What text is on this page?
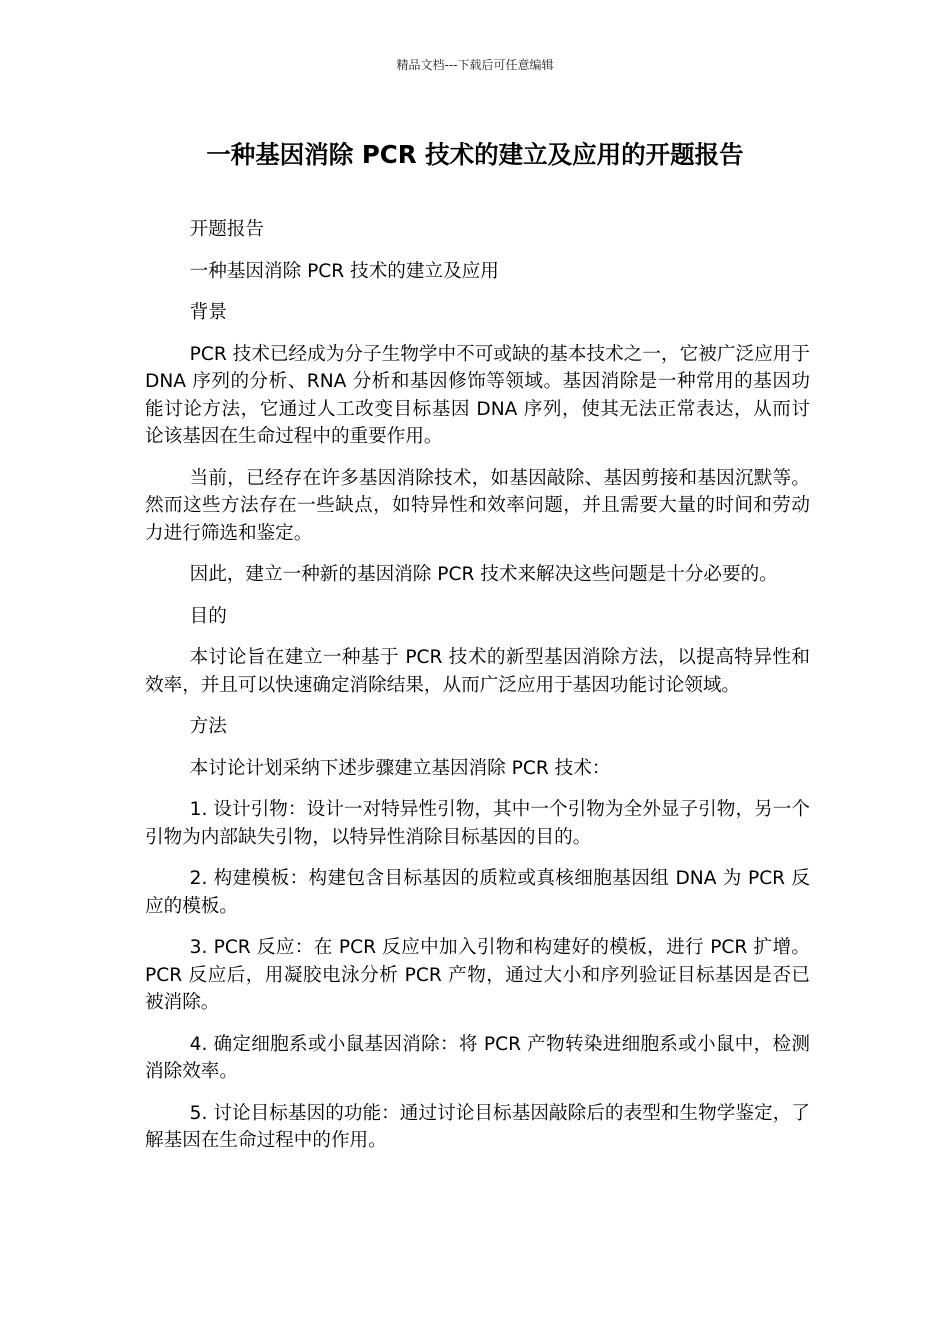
精品文档---下载后可任意编辑
一种基因消除 PCR 技术的建立及应用的开题报告

开题报告

一种基因消除 PCR 技术的建立及应用

背景

PCR 技术已经成为分子生物学中不可或缺的基本技术之一，它被广泛应用于 DNA 序列的分析、RNA 分析和基因修饰等领域。基因消除是一种常用的基因功能讨论方法，它通过人工改变目标基因 DNA 序列，使其无法正常表达，从而讨论该基因在生命过程中的重要作用。

当前，已经存在许多基因消除技术，如基因敲除、基因剪接和基因沉默等。然而这些方法存在一些缺点，如特异性和效率问题，并且需要大量的时间和劳动力进行筛选和鉴定。

因此，建立一种新的基因消除 PCR 技术来解决这些问题是十分必要的。

目的

本讨论旨在建立一种基于 PCR 技术的新型基因消除方法，以提高特异性和效率，并且可以快速确定消除结果，从而广泛应用于基因功能讨论领域。

方法

本讨论计划采纳下述步骤建立基因消除 PCR 技术：

1. 设计引物：设计一对特异性引物，其中一个引物为全外显子引物，另一个引物为内部缺失引物，以特异性消除目标基因的目的。

2. 构建模板：构建包含目标基因的质粒或真核细胞基因组 DNA 为 PCR 反应的模板。

3. PCR 反应：在 PCR 反应中加入引物和构建好的模板，进行 PCR 扩增。PCR 反应后，用凝胶电泳分析 PCR 产物，通过大小和序列验证目标基因是否已被消除。

4. 确定细胞系或小鼠基因消除：将 PCR 产物转染进细胞系或小鼠中，检测消除效率。

5. 讨论目标基因的功能：通过讨论目标基因敲除后的表型和生物学鉴定，了解基因在生命过程中的作用。
